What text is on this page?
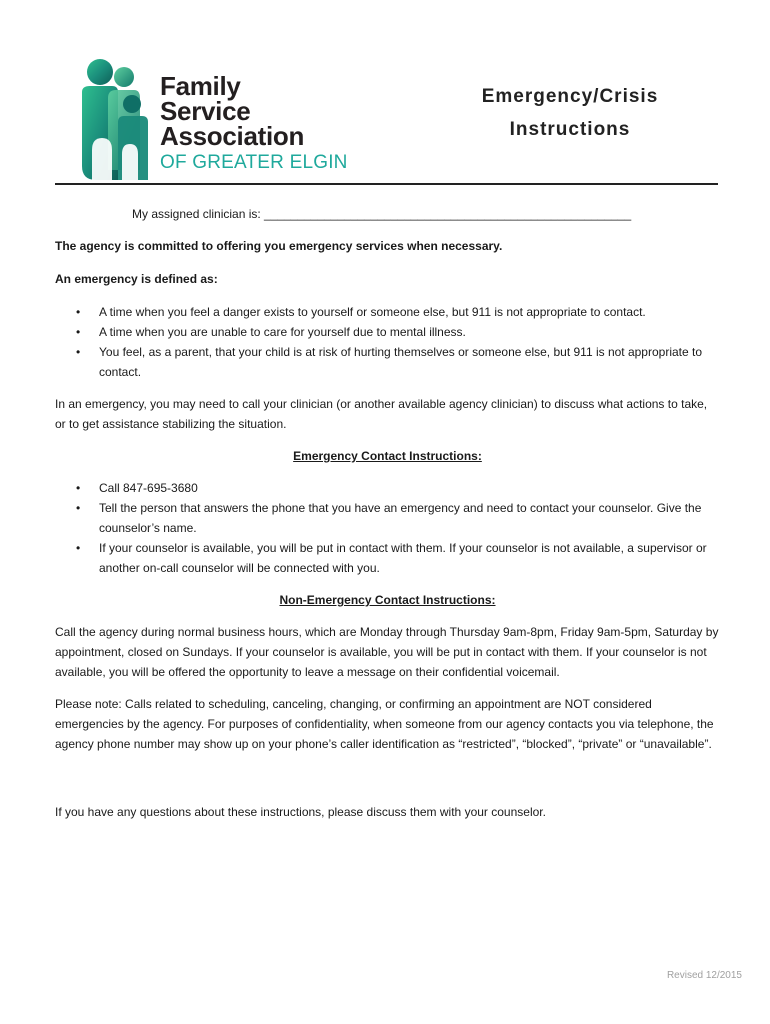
Family
Service
Association
OF GREATER ELGIN
Emergency/Crisis
Instructions

My assigned clinician is: _______________________________________________________

The agency is committed to offering you emergency services when necessary.

An emergency is defined as:

• A time when you feel a danger exists to yourself or someone else, but 911 is not appropriate to contact.
• A time when you are unable to care for yourself due to mental illness.
• You feel, as a parent, that your child is at risk of hurting themselves or someone else, but 911 is not appropriate to contact.

In an emergency, you may need to call your clinician (or another available agency clinician) to discuss what actions to take, or to get assistance stabilizing the situation.

Emergency Contact Instructions:

• Call 847-695-3680
• Tell the person that answers the phone that you have an emergency and need to contact your counselor. Give the counselor’s name.
• If your counselor is available, you will be put in contact with them. If your counselor is not available, a supervisor or another on-call counselor will be connected with you.

Non-Emergency Contact Instructions:

Call the agency during normal business hours, which are Monday through Thursday 9am-8pm, Friday 9am-5pm, Saturday by appointment, closed on Sundays. If your counselor is available, you will be put in contact with them. If your counselor is not available, you will be offered the opportunity to leave a message on their confidential voicemail.

Please note: Calls related to scheduling, canceling, changing, or confirming an appointment are NOT considered emergencies by the agency. For purposes of confidentiality, when someone from our agency contacts you via telephone, the agency phone number may show up on your phone’s caller identification as “restricted”, “blocked”, “private” or “unavailable”.

If you have any questions about these instructions, please discuss them with your counselor.

Revised 12/2015
